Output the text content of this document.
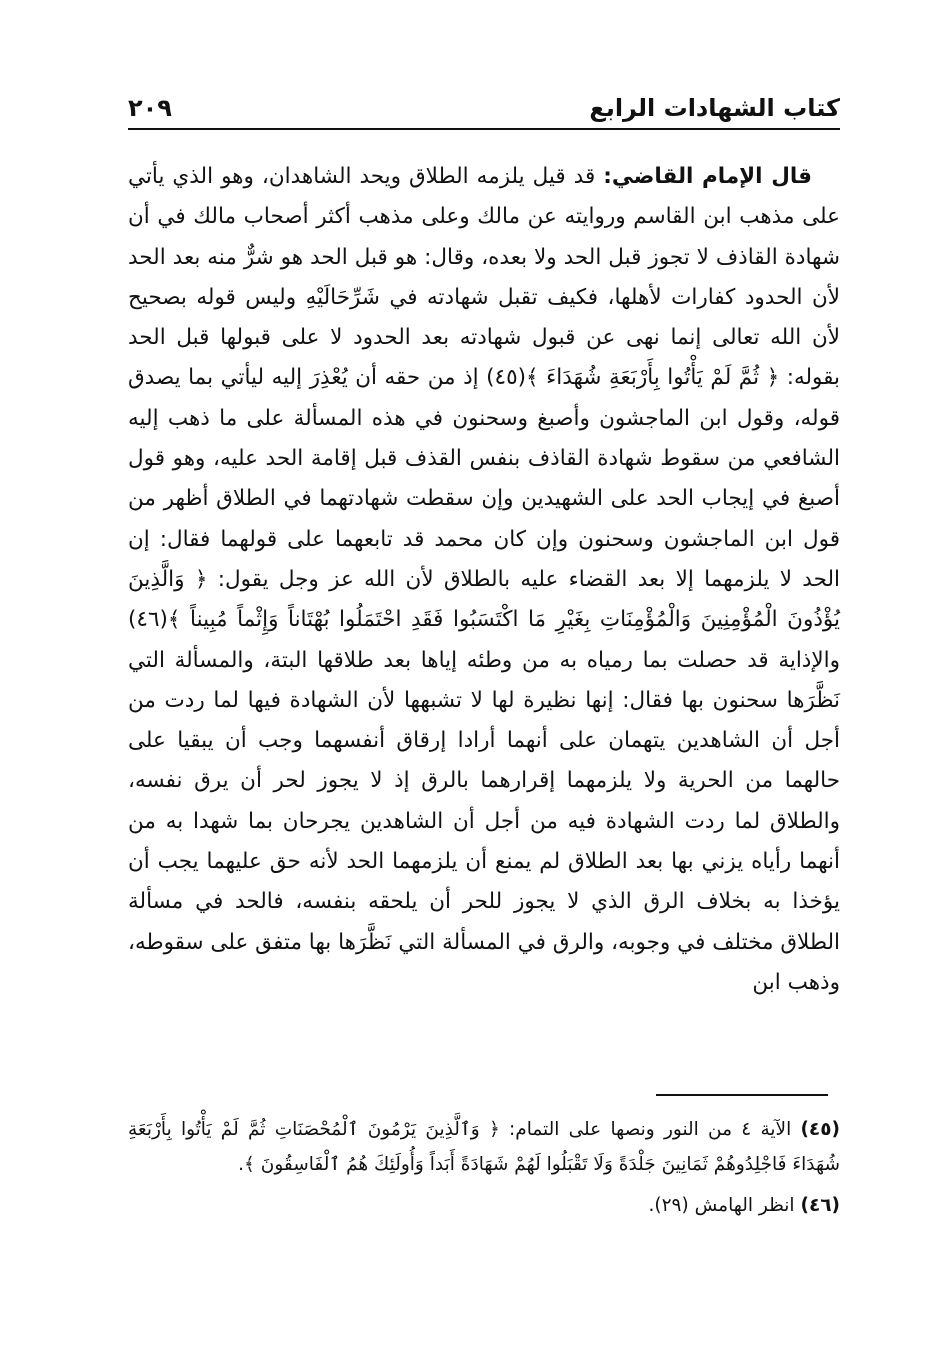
كتاب الشهادات الرابع
٢٠٩

قال الإمام القاضي: قد قيل يلزمه الطلاق ويحد الشاهدان، وهو الذي يأتي على مذهب ابن القاسم وروايته عن مالك وعلى مذهب أكثر أصحاب مالك في أن شهادة القاذف لا تجوز قبل الحد ولا بعده، وقال: هو قبل الحد هو شرٌّ منه بعد الحد لأن الحدود كفارات لأهلها، فكيف تقبل شهادته في شَرِّحَالَيْهِ وليس قوله بصحيح لأن الله تعالى إنما نهى عن قبول شهادته بعد الحدود لا على قبولها قبل الحد بقوله: ﴿ ثُمَّ لَمْ يَأْتُوا بِأَرْبَعَةِ شُهَدَاءَ ﴾(٤٥) إذ من حقه أن يُعْذِرَ إليه ليأتي بما يصدق قوله، وقول ابن الماجشون وأصبغ وسحنون في هذه المسألة على ما ذهب إليه الشافعي من سقوط شهادة القاذف بنفس القذف قبل إقامة الحد عليه، وهو قول أصبغ في إيجاب الحد على الشهيدين وإن سقطت شهادتهما في الطلاق أظهر من قول ابن الماجشون وسحنون وإن كان محمد قد تابعهما على قولهما فقال: إن الحد لا يلزمهما إلا بعد القضاء عليه بالطلاق لأن الله عز وجل يقول: ﴿ وَالَّذِينَ يُؤْذُونَ الْمُؤْمِنِينَ وَالْمُؤْمِنَاتِ بِغَيْرِ مَا اكْتَسَبُوا فَقَدِ احْتَمَلُوا بُهْتَاناً وَإِثْماً مُبِيناً ﴾(٤٦) والإذاية قد حصلت بما رمياه به من وطئه إياها بعد طلاقها البتة، والمسألة التي نَظَّرَها سحنون بها فقال: إنها نظيرة لها لا تشبهها لأن الشهادة فيها لما ردت من أجل أن الشاهدين يتهمان على أنهما أرادا إرقاق أنفسهما وجب أن يبقيا على حالهما من الحرية ولا يلزمهما إقرارهما بالرق إذ لا يجوز لحر أن يرق نفسه، والطلاق لما ردت الشهادة فيه من أجل أن الشاهدين يجرحان بما شهدا به من أنهما رأياه يزني بها بعد الطلاق لم يمنع أن يلزمهما الحد لأنه حق عليهما يجب أن يؤخذا به بخلاف الرق الذي لا يجوز للحر أن يلحقه بنفسه، فالحد في مسألة الطلاق مختلف في وجوبه، والرق في المسألة التي نَظَّرَها بها متفق على سقوطه، وذهب ابن

(٤٥) الآية ٤ من النور ونصها على التمام: ﴿ وَٱلَّذِينَ يَرْمُونَ ٱلْمُحْصَنَاتِ ثُمَّ لَمْ يَأْتُوا بِأَرْبَعَةِ شُهَدَاءَ فَاجْلِدُوهُمْ ثَمَانِينَ جَلْدَةً وَلَا تَقْبَلُوا لَهُمْ شَهَادَةً أَبَداً وَأُولَئِكَ هُمُ ٱلْفَاسِقُونَ ﴾.

(٤٦) انظر الهامش (٢٩).
